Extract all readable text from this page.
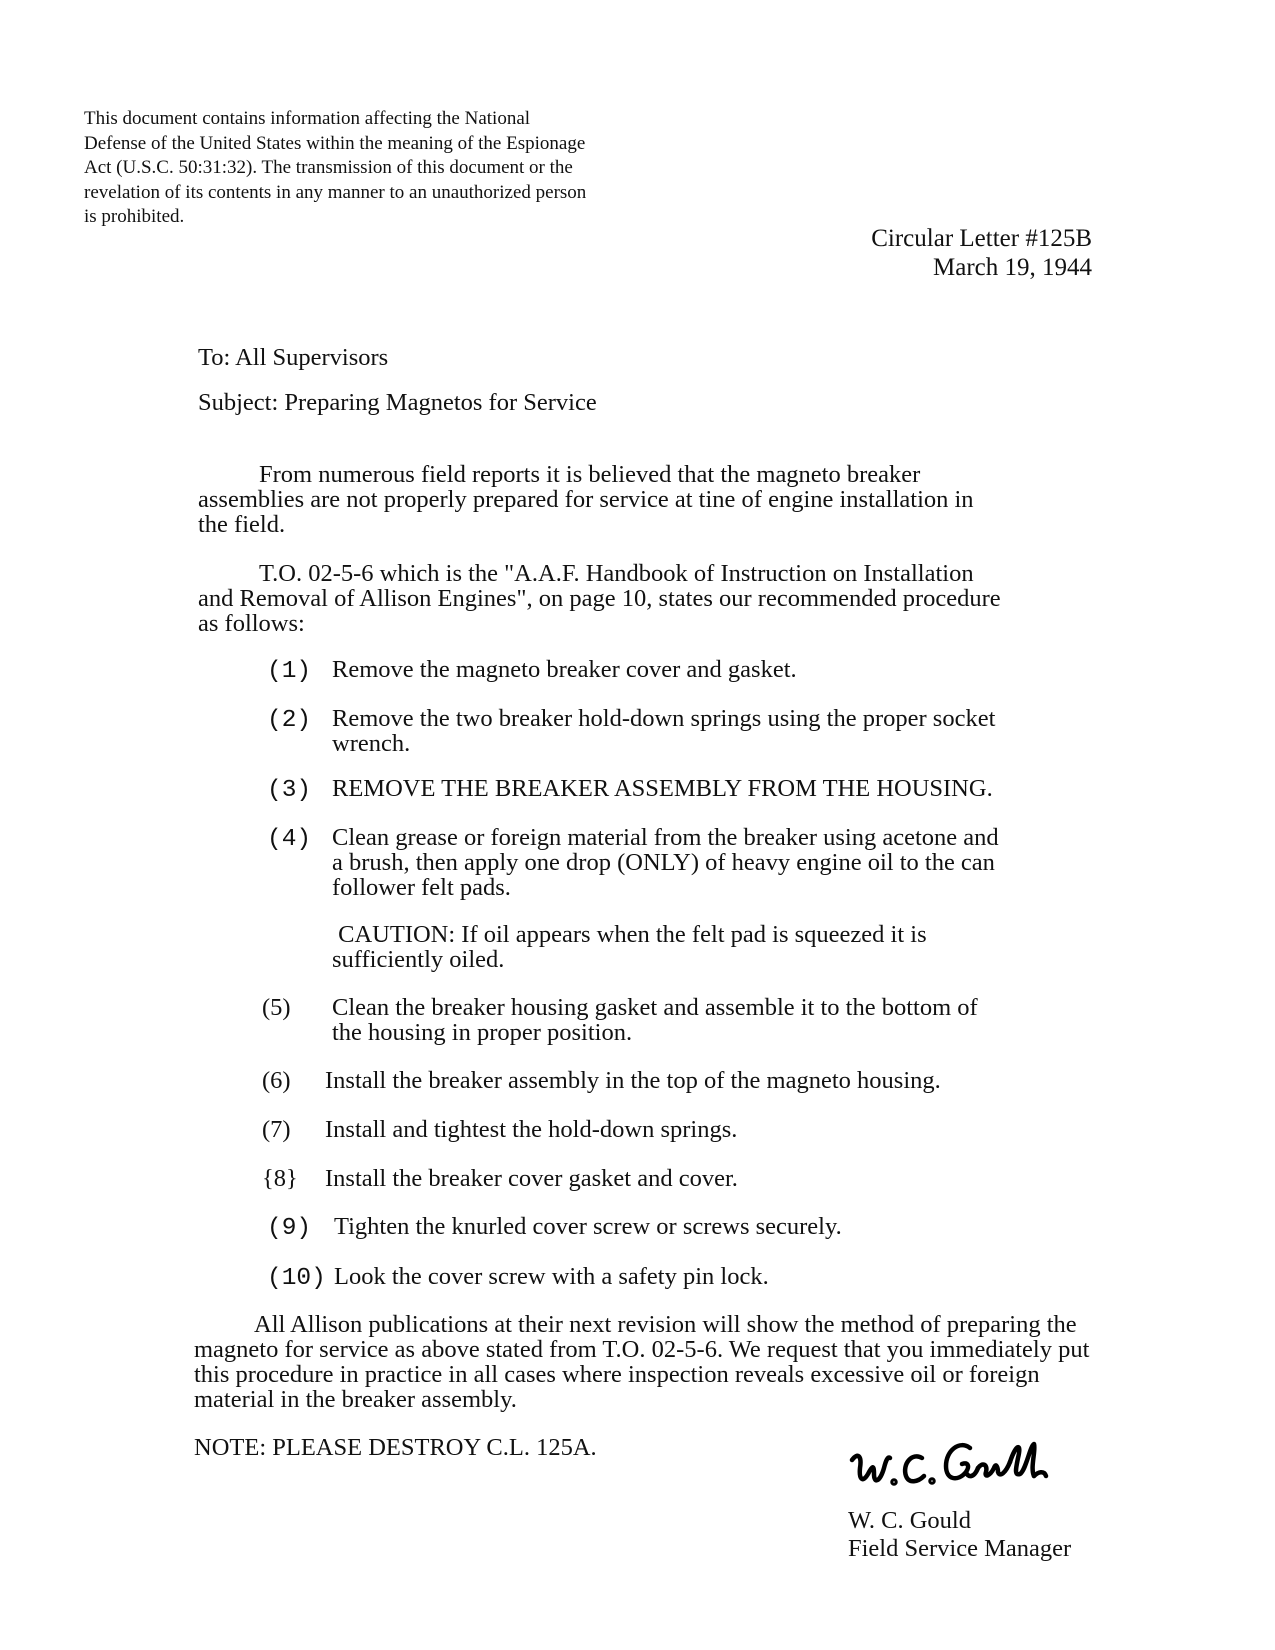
This document contains information affecting the National
Defense of the United States within the meaning of the Espionage
Act (U.S.C. 50:31:32). The transmission of this document or the
revelation of its contents in any manner to an unauthorized person
is prohibited.
Circular Letter #125B
March 19, 1944
To: All Supervisors
Subject: Preparing Magnetos for Service
From numerous field reports it is believed that the magneto breaker
assemblies are not properly prepared for service at tine of engine installation in
the field.
T.O. 02-5-6 which is the "A.A.F. Handbook of Instruction on Installation
and Removal of Allison Engines", on page 10, states our recommended procedure
as follows:
(1) Remove the magneto breaker cover and gasket.
(2) Remove the two breaker hold-down springs using the proper socket
wrench.
(3) REMOVE THE BREAKER ASSEMBLY FROM THE HOUSING.
(4) Clean grease or foreign material from the breaker using acetone and
a brush, then apply one drop (ONLY) of heavy engine oil to the can
follower felt pads.
CAUTION: If oil appears when the felt pad is squeezed it is
sufficiently oiled.
(5) Clean the breaker housing gasket and assemble it to the bottom of
the housing in proper position.
(6) Install the breaker assembly in the top of the magneto housing.
(7) Install and tightest the hold-down springs.
{8} Install the breaker cover gasket and cover.
(9) Tighten the knurled cover screw or screws securely.
(10) Look the cover screw with a safety pin lock.
All Allison publications at their next revision will show the method of preparing the
magneto for service as above stated from T.O. 02-5-6. We request that you immediately put
this procedure in practice in all cases where inspection reveals excessive oil or foreign
material in the breaker assembly.
NOTE: PLEASE DESTROY C.L. 125A.
W. C. Gould
Field Service Manager
